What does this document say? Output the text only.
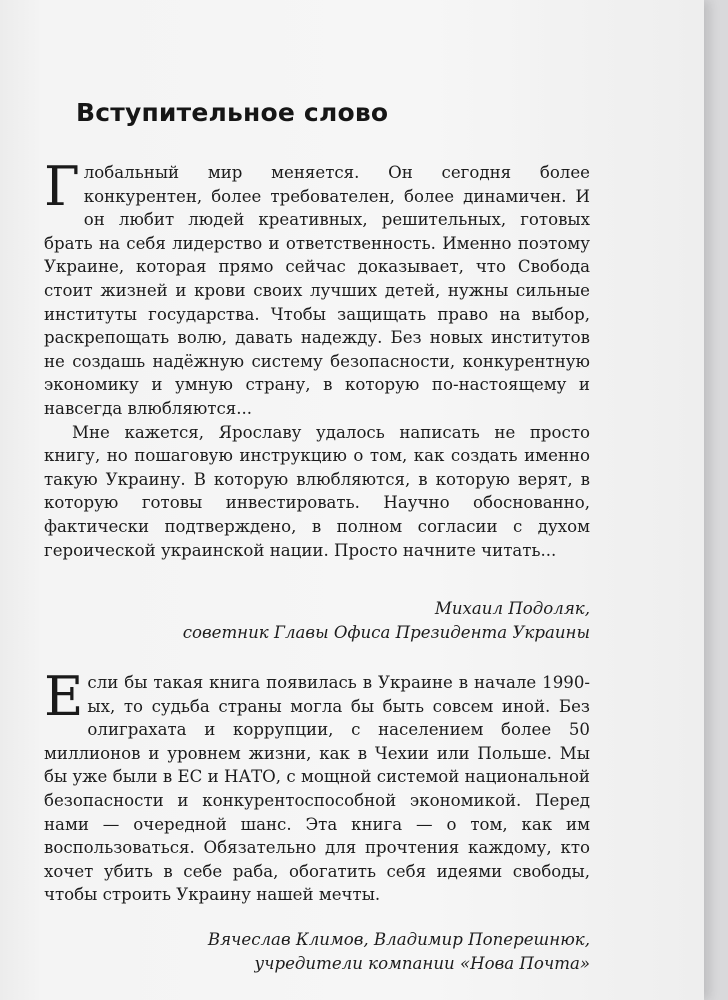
Вступительное слово

Глобальный мир меняется. Он сегодня более конкурентен, более требователен, более динамичен. И он любит людей креативных, решительных, готовых брать на себя лидерство и ответственность. Именно поэтому Украине, которая прямо сейчас доказывает, что Свобода стоит жизней и крови своих лучших детей, нужны сильные институты государства. Чтобы защищать право на выбор, раскрепощать волю, давать надежду. Без новых институтов не создашь надёжную систему безопасности, конкурентную экономику и умную страну, в которую по-настоящему и навсегда влюбляются...

Мне кажется, Ярославу удалось написать не просто книгу, но пошаговую инструкцию о том, как создать именно такую Украину. В которую влюбляются, в которую верят, в которую готовы инвестировать. Научно обоснованно, фактически подтверждено, в полном согласии с духом героической украинской нации. Просто начните читать...

Михаил Подоляк,
советник Главы Офиса Президента Украины

Если бы такая книга появилась в Украине в начале 1990-ых, то судьба страны могла бы быть совсем иной. Без олиграхата и коррупции, с населением более 50 миллионов и уровнем жизни, как в Чехии или Польше. Мы бы уже были в ЕС и НАТО, с мощной системой национальной безопасности и конкурентоспособной экономикой. Перед нами — очередной шанс. Эта книга — о том, как им воспользоваться. Обязательно для прочтения каждому, кто хочет убить в себе раба, обогатить себя идеями свободы, чтобы строить Украину нашей мечты.

Вячеслав Климов, Владимир Поперешнюк,
учредители компании «Нова Почта»
